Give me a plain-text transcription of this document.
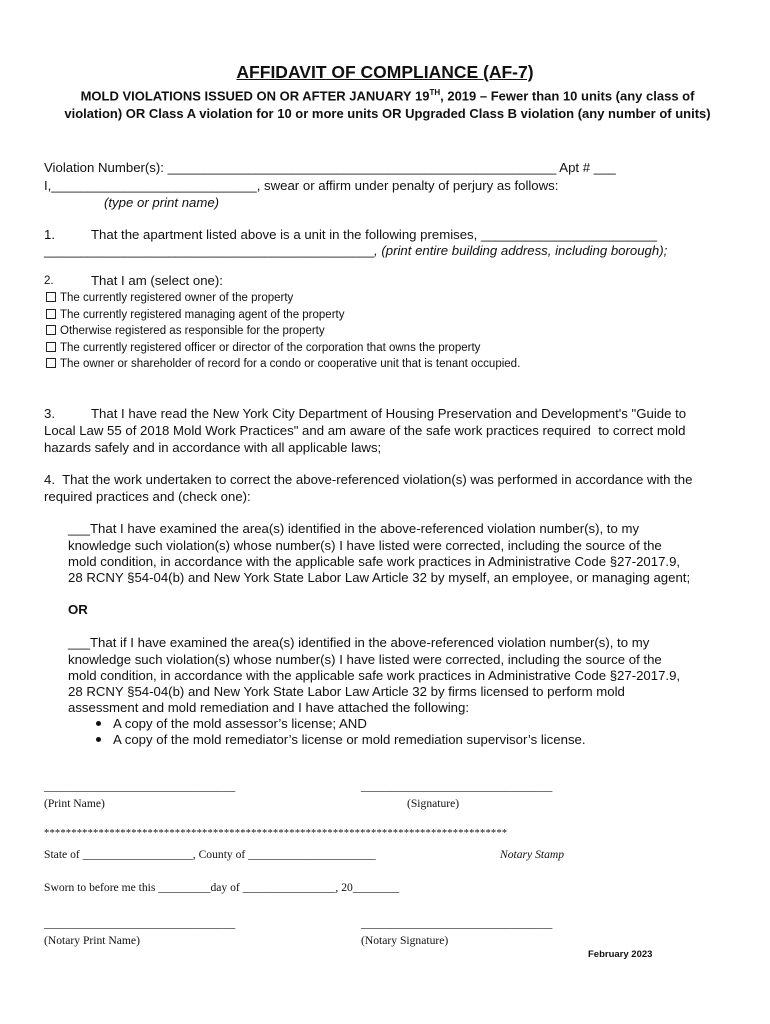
AFFIDAVIT OF COMPLIANCE (AF-7)
MOLD VIOLATIONS ISSUED ON OR AFTER JANUARY 19TH, 2019 – Fewer than 10 units (any class of violation) OR Class A violation for 10 or more units OR Upgraded Class B violation (any number of units)
Violation Number(s): _____________________________________________________ Apt # ___
I,____________________________, swear or affirm under penalty of perjury as follows:
(type or print name)
1.	That the apartment listed above is a unit in the following premises, ________________________
_____________________________________________, (print entire building address, including borough);
2.	That I am (select one):
The currently registered owner of the property
The currently registered managing agent of the property
Otherwise registered as responsible for the property
The currently registered officer or director of the corporation that owns the property
The owner or shareholder of record for a condo or cooperative unit that is tenant occupied.
3.	That I have read the New York City Department of Housing Preservation and Development's "Guide to
Local Law 55 of 2018 Mold Work Practices" and am aware of the safe work practices required  to correct mold
hazards safely and in accordance with all applicable laws;
4.  That the work undertaken to correct the above-referenced violation(s) was performed in accordance with the
required practices and (check one):
___That I have examined the area(s) identified in the above-referenced violation number(s), to my
knowledge such violation(s) whose number(s) I have listed were corrected, including the source of the
mold condition, in accordance with the applicable safe work practices in Administrative Code §27-2017.9,
28 RCNY §54-04(b) and New York State Labor Law Article 32 by myself, an employee, or managing agent;
OR
___That if I have examined the area(s) identified in the above-referenced violation number(s), to my
knowledge such violation(s) whose number(s) I have listed were corrected, including the source of the
mold condition, in accordance with the applicable safe work practices in Administrative Code §27-2017.9,
28 RCNY §54-04(b) and New York State Labor Law Article 32 by firms licensed to perform mold
assessment and mold remediation and I have attached the following:
A copy of the mold assessor’s license; AND
A copy of the mold remediator’s license or mold remediation supervisor’s license.
_________________________________	_________________________________
(Print Name)	(Signature)
*************************************************************************************
State of ___________________, County of ______________________	Notary Stamp
Sworn to before me this _________day of ________________, 20________
_________________________________	_________________________________
(Notary Print Name)	(Notary Signature)
February 2023
